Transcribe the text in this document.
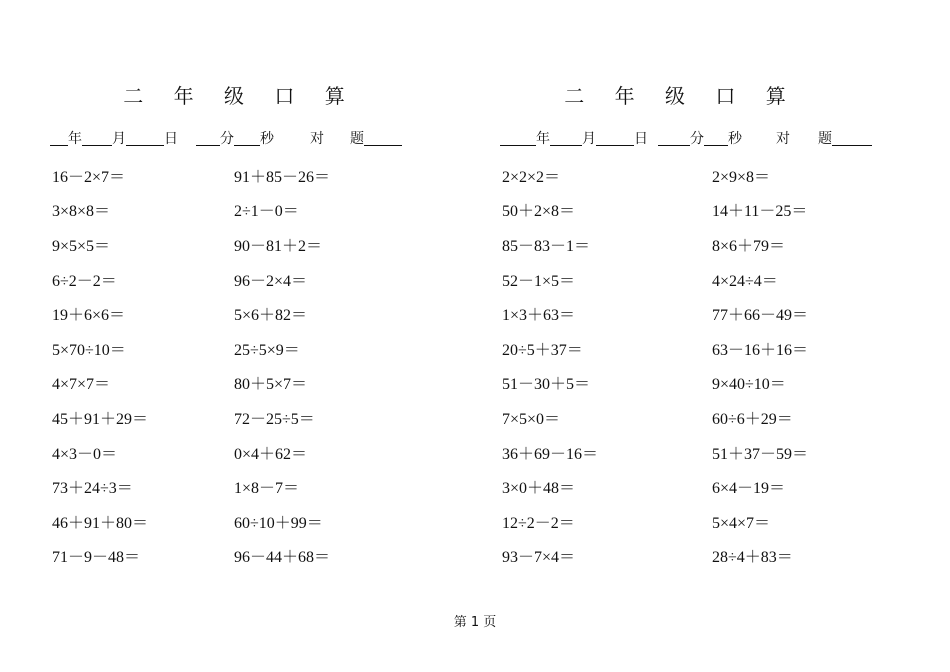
二 年 级 口 算
年 月	日	分 秒	对 题
16－2×7＝	91＋85－26＝
3×8×8＝	2÷1－0＝
9×5×5＝	90－81＋2＝
6÷2－2＝	96－2×4＝
19＋6×6＝	5×6＋82＝
5×70÷10＝	25÷5×9＝
4×7×7＝	80＋5×7＝
45＋91＋29＝	72－25÷5＝
4×3－0＝	0×4＋62＝
73＋24÷3＝	1×8－7＝
46＋91＋80＝	60÷10＋99＝
71－9－48＝	96－44＋68＝
二 年 级 口 算
年 月	日	分 秒 对 题
2×2×2＝	2×9×8＝
50＋2×8＝	14＋11－25＝
85－83－1＝	8×6＋79＝
52－1×5＝	4×24÷4＝
1×3＋63＝	77＋66－49＝
20÷5＋37＝	63－16＋16＝
51－30＋5＝	9×40÷10＝
7×5×0＝	60÷6＋29＝
36＋69－16＝	51＋37－59＝
3×0＋48＝	6×4－19＝
12÷2－2＝	5×4×7＝
93－7×4＝	28÷4＋83＝
第 1 页
